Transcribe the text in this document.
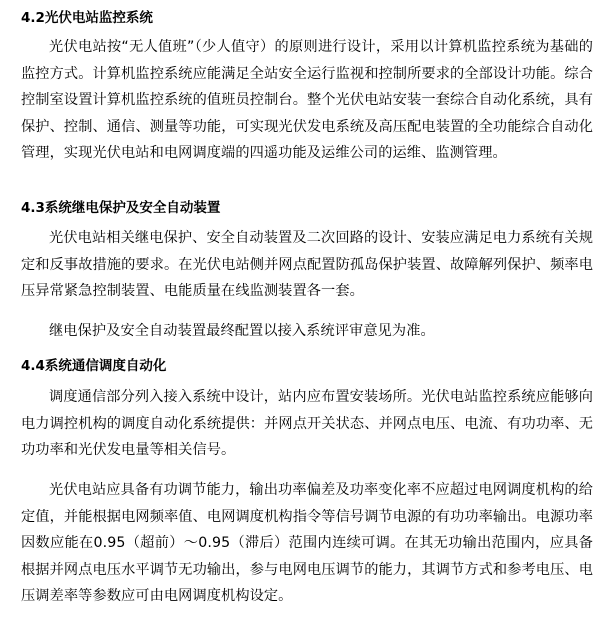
4.2光伏电站监控系统
光伏电站按“无人值班”（少人值守）的原则进行设计，采用以计算机监控系统为基础的监控方式。计算机监控系统应能满足全站安全运行监视和控制所要求的全部设计功能。综合控制室设置计算机监控系统的值班员控制台。整个光伏电站安装一套综合自动化系统，具有保护、控制、通信、测量等功能，可实现光伏发电系统及高压配电装置的全功能综合自动化管理，实现光伏电站和电网调度端的四遥功能及运维公司的运维、监测管理。
4.3系统继电保护及安全自动装置
光伏电站相关继电保护、安全自动装置及二次回路的设计、安装应满足电力系统有关规定和反事故措施的要求。在光伏电站侧并网点配置防孤岛保护装置、故障解列保护、频率电压异常紧急控制装置、电能质量在线监测装置各一套。
继电保护及安全自动装置最终配置以接入系统评审意见为准。
4.4系统通信调度自动化
调度通信部分列入接入系统中设计，站内应布置安装场所。光伏电站监控系统应能够向电力调控机构的调度自动化系统提供：并网点开关状态、并网点电压、电流、有功功率、无功功率和光伏发电量等相关信号。
光伏电站应具备有功调节能力，输出功率偏差及功率变化率不应超过电网调度机构的给定值，并能根据电网频率值、电网调度机构指令等信号调节电源的有功功率输出。电源功率因数应能在0.95（超前）～0.95（滞后）范围内连续可调。在其无功输出范围内，应具备根据并网点电压水平调节无功输出，参与电网电压调节的能力，其调节方式和参考电压、电压调差率等参数应可由电网调度机构设定。
